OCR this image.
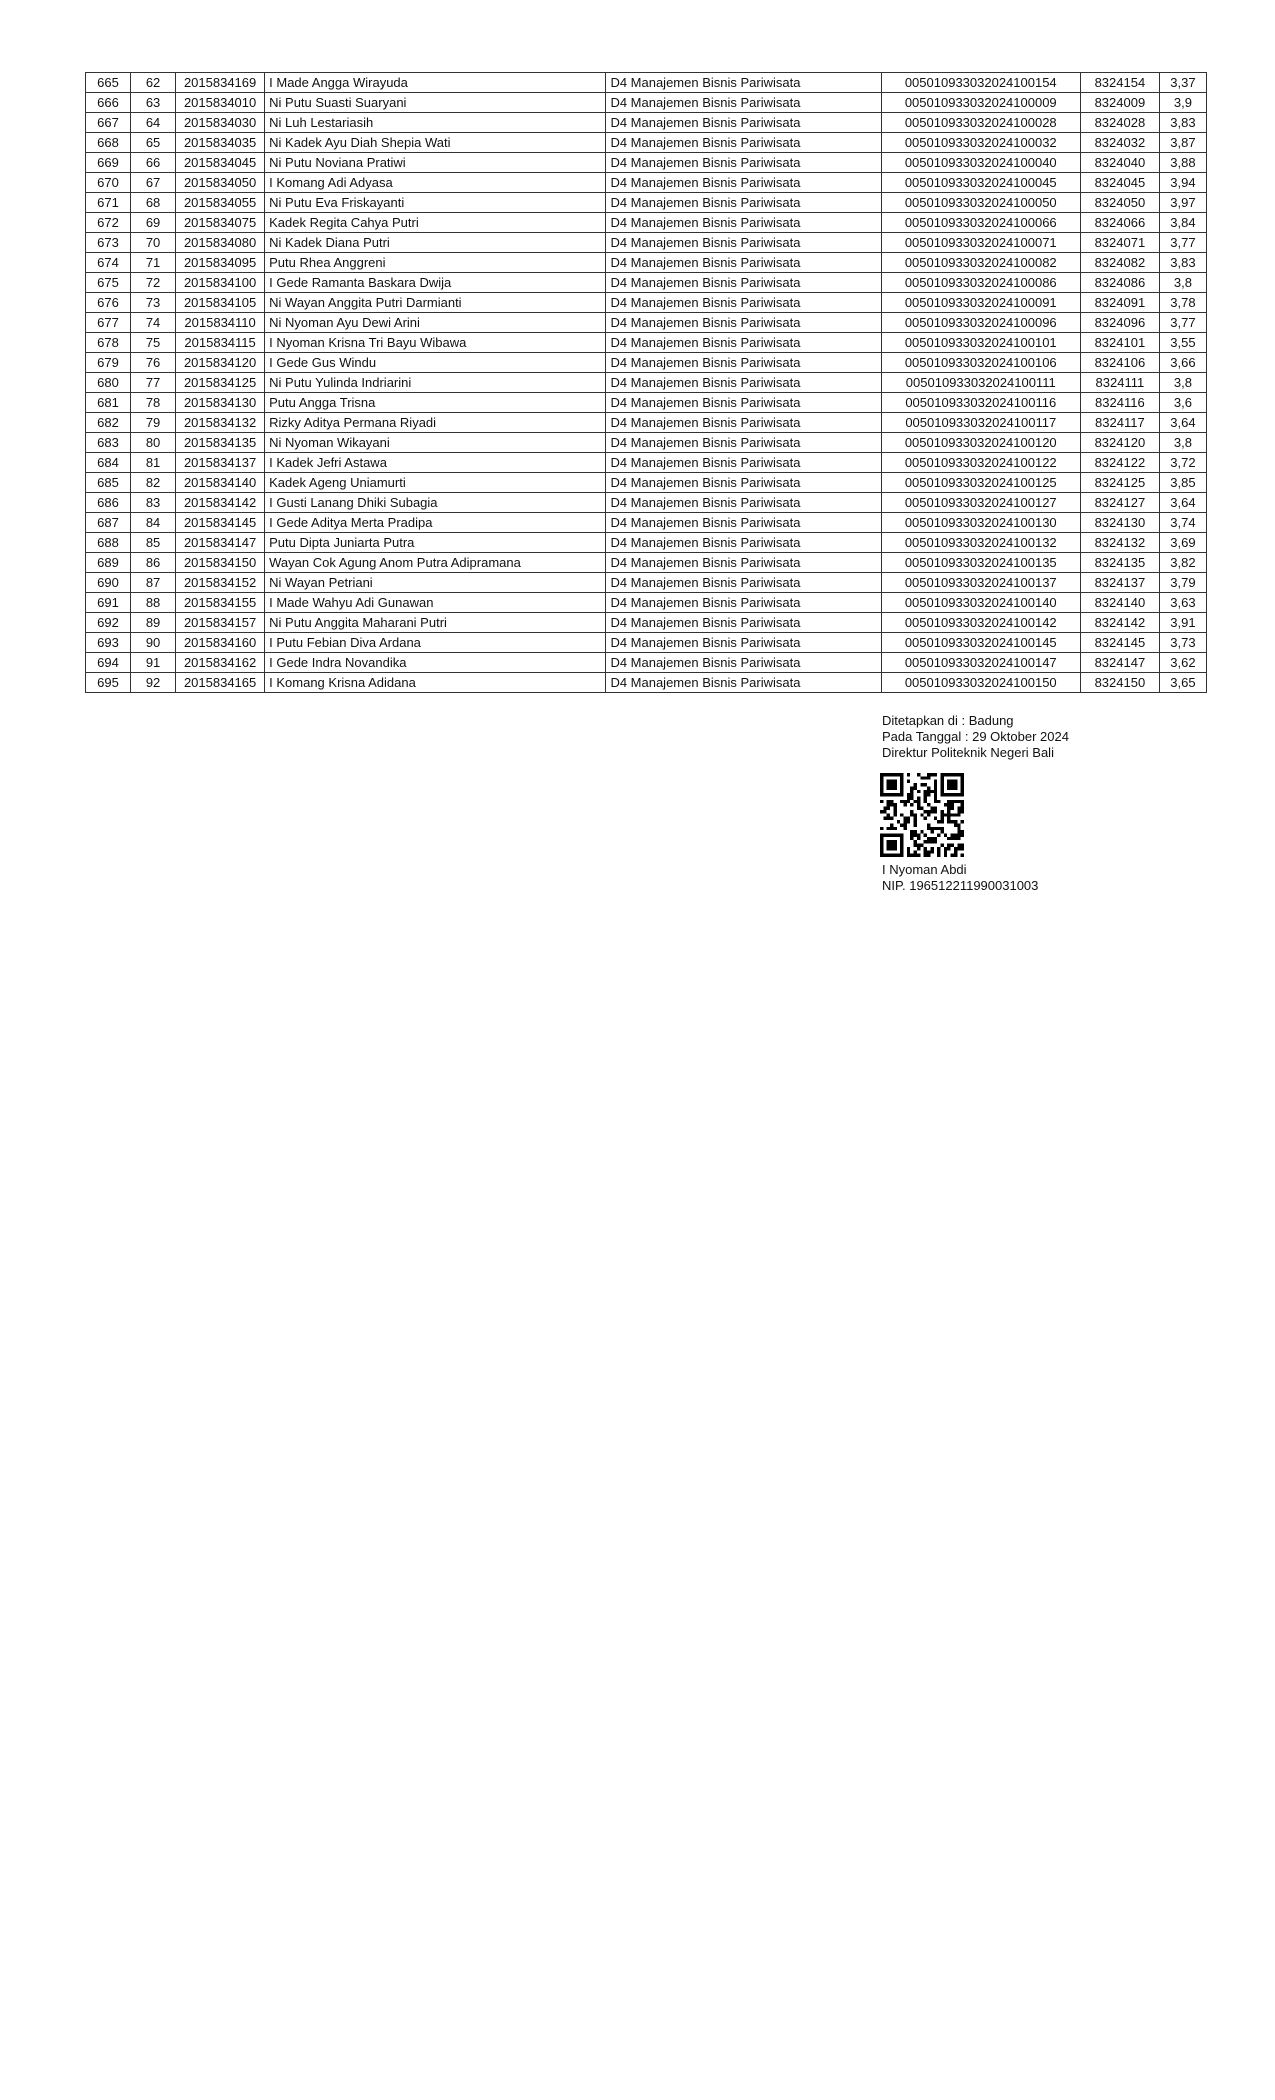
665	62	2015834169	I Made Angga Wirayuda	D4 Manajemen Bisnis Pariwisata	005010933032024100154	8324154	3,37
666	63	2015834010	Ni Putu Suasti Suaryani	D4 Manajemen Bisnis Pariwisata	005010933032024100009	8324009	3,9
667	64	2015834030	Ni Luh Lestariasih	D4 Manajemen Bisnis Pariwisata	005010933032024100028	8324028	3,83
668	65	2015834035	Ni Kadek Ayu Diah Shepia Wati	D4 Manajemen Bisnis Pariwisata	005010933032024100032	8324032	3,87
669	66	2015834045	Ni Putu Noviana Pratiwi	D4 Manajemen Bisnis Pariwisata	005010933032024100040	8324040	3,88
670	67	2015834050	I Komang Adi Adyasa	D4 Manajemen Bisnis Pariwisata	005010933032024100045	8324045	3,94
671	68	2015834055	Ni Putu Eva Friskayanti	D4 Manajemen Bisnis Pariwisata	005010933032024100050	8324050	3,97
672	69	2015834075	Kadek Regita Cahya Putri	D4 Manajemen Bisnis Pariwisata	005010933032024100066	8324066	3,84
673	70	2015834080	Ni Kadek Diana Putri	D4 Manajemen Bisnis Pariwisata	005010933032024100071	8324071	3,77
674	71	2015834095	Putu Rhea Anggreni	D4 Manajemen Bisnis Pariwisata	005010933032024100082	8324082	3,83
675	72	2015834100	I Gede Ramanta Baskara Dwija	D4 Manajemen Bisnis Pariwisata	005010933032024100086	8324086	3,8
676	73	2015834105	Ni Wayan Anggita Putri Darmianti	D4 Manajemen Bisnis Pariwisata	005010933032024100091	8324091	3,78
677	74	2015834110	Ni Nyoman Ayu Dewi Arini	D4 Manajemen Bisnis Pariwisata	005010933032024100096	8324096	3,77
678	75	2015834115	I Nyoman Krisna Tri Bayu Wibawa	D4 Manajemen Bisnis Pariwisata	005010933032024100101	8324101	3,55
679	76	2015834120	I Gede Gus Windu	D4 Manajemen Bisnis Pariwisata	005010933032024100106	8324106	3,66
680	77	2015834125	Ni Putu Yulinda Indriarini	D4 Manajemen Bisnis Pariwisata	005010933032024100111	8324111	3,8
681	78	2015834130	Putu Angga Trisna	D4 Manajemen Bisnis Pariwisata	005010933032024100116	8324116	3,6
682	79	2015834132	Rizky Aditya Permana Riyadi	D4 Manajemen Bisnis Pariwisata	005010933032024100117	8324117	3,64
683	80	2015834135	Ni Nyoman Wikayani	D4 Manajemen Bisnis Pariwisata	005010933032024100120	8324120	3,8
684	81	2015834137	I Kadek Jefri Astawa	D4 Manajemen Bisnis Pariwisata	005010933032024100122	8324122	3,72
685	82	2015834140	Kadek Ageng Uniamurti	D4 Manajemen Bisnis Pariwisata	005010933032024100125	8324125	3,85
686	83	2015834142	I Gusti Lanang Dhiki Subagia	D4 Manajemen Bisnis Pariwisata	005010933032024100127	8324127	3,64
687	84	2015834145	I Gede Aditya Merta Pradipa	D4 Manajemen Bisnis Pariwisata	005010933032024100130	8324130	3,74
688	85	2015834147	Putu Dipta Juniarta Putra	D4 Manajemen Bisnis Pariwisata	005010933032024100132	8324132	3,69
689	86	2015834150	Wayan Cok Agung Anom Putra Adipramana	D4 Manajemen Bisnis Pariwisata	005010933032024100135	8324135	3,82
690	87	2015834152	Ni Wayan Petriani	D4 Manajemen Bisnis Pariwisata	005010933032024100137	8324137	3,79
691	88	2015834155	I Made Wahyu Adi Gunawan	D4 Manajemen Bisnis Pariwisata	005010933032024100140	8324140	3,63
692	89	2015834157	Ni Putu Anggita Maharani Putri	D4 Manajemen Bisnis Pariwisata	005010933032024100142	8324142	3,91
693	90	2015834160	I Putu Febian Diva Ardana	D4 Manajemen Bisnis Pariwisata	005010933032024100145	8324145	3,73
694	91	2015834162	I Gede Indra Novandika	D4 Manajemen Bisnis Pariwisata	005010933032024100147	8324147	3,62
695	92	2015834165	I Komang Krisna Adidana	D4 Manajemen Bisnis Pariwisata	005010933032024100150	8324150	3,65
Ditetapkan di : Badung
Pada Tanggal : 29 Oktober 2024
Direktur Politeknik Negeri Bali
I Nyoman Abdi
NIP. 196512211990031003
